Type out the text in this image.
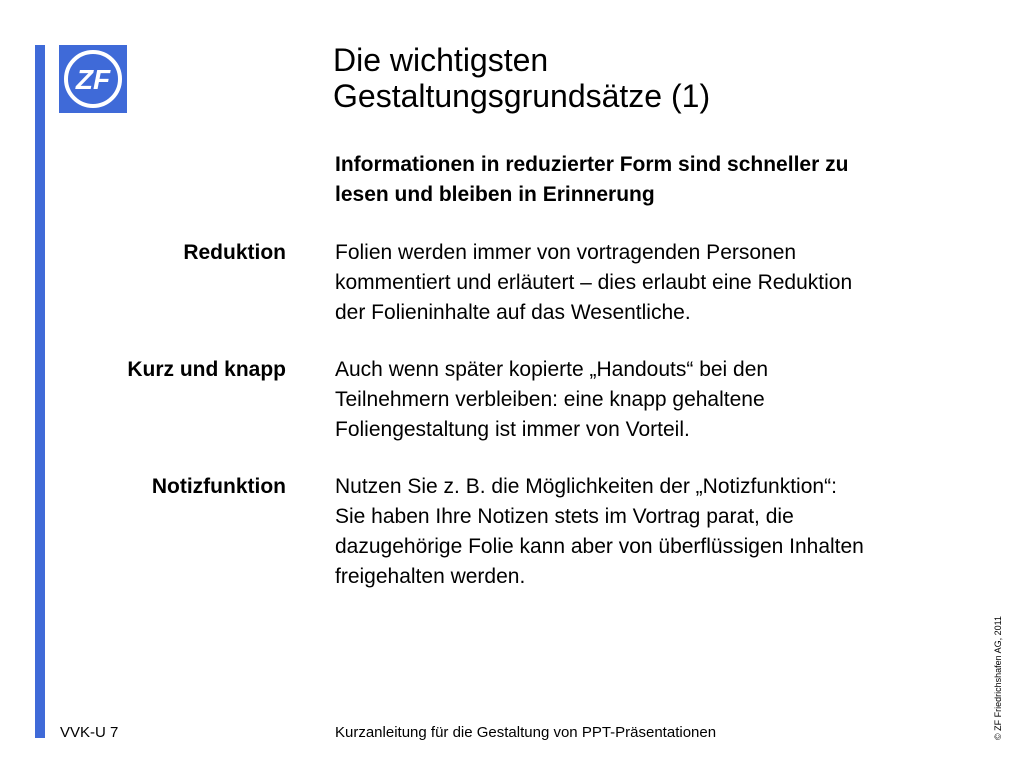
ZF
Die wichtigsten
Gestaltungsgrundsätze (1)
Informationen in reduzierter Form sind schneller zu
lesen und bleiben in Erinnerung
Reduktion Folien werden immer von vortragenden Personen
kommentiert und erläutert – dies erlaubt eine Reduktion
der Folieninhalte auf das Wesentliche.
Kurz und knapp Auch wenn später kopierte „Handouts“ bei den
Teilnehmern verbleiben: eine knapp gehaltene
Foliengestaltung ist immer von Vorteil.
Notizfunktion Nutzen Sie z. B. die Möglichkeiten der „Notizfunktion“:
Sie haben Ihre Notizen stets im Vortrag parat, die
dazugehörige Folie kann aber von überflüssigen Inhalten
freigehalten werden.
VVK-U 7	Kurzanleitung für die Gestaltung von PPT-Präsentationen	© ZF Friedrichshafen AG, 2011
